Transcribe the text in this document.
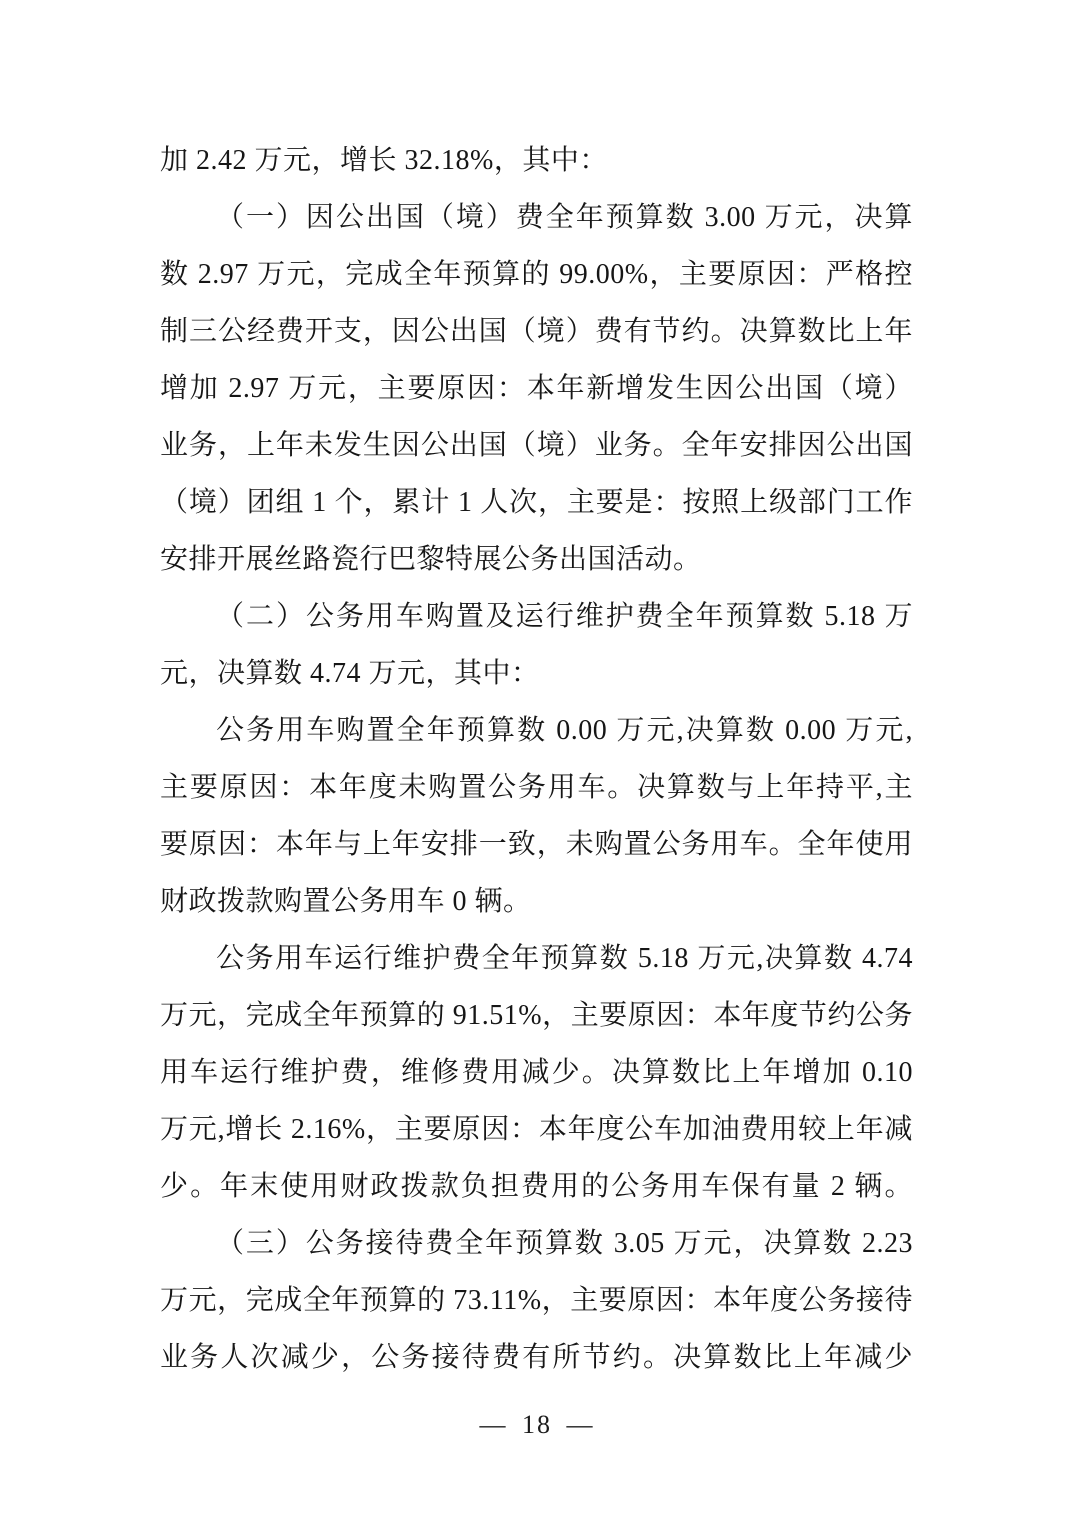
加 2.42 万元，增长 32.18%，其中：
（一）因公出国（境）费全年预算数 3.00 万元，决算
数 2.97 万元，完成全年预算的 99.00%，主要原因：严格控
制三公经费开支，因公出国（境）费有节约。决算数比上年
增加 2.97 万元，主要原因：本年新增发生因公出国（境）
业务，上年未发生因公出国（境）业务。全年安排因公出国
（境）团组 1 个，累计 1 人次，主要是：按照上级部门工作
安排开展丝路瓷行巴黎特展公务出国活动。
（二）公务用车购置及运行维护费全年预算数 5.18 万
元，决算数 4.74 万元，其中：
公务用车购置全年预算数 0.00 万元,决算数 0.00 万元,
主要原因：本年度未购置公务用车。决算数与上年持平,主
要原因：本年与上年安排一致，未购置公务用车。全年使用
财政拨款购置公务用车 0 辆。
公务用车运行维护费全年预算数 5.18 万元,决算数 4.74
万元，完成全年预算的 91.51%，主要原因：本年度节约公务
用车运行维护费，维修费用减少。决算数比上年增加 0.10
万元,增长 2.16%，主要原因：本年度公车加油费用较上年减
少。年末使用财政拨款负担费用的公务用车保有量 2 辆。
（三）公务接待费全年预算数 3.05 万元，决算数 2.23
万元，完成全年预算的 73.11%，主要原因：本年度公务接待
业务人次减少，公务接待费有所节约。决算数比上年减少
— 18 —
